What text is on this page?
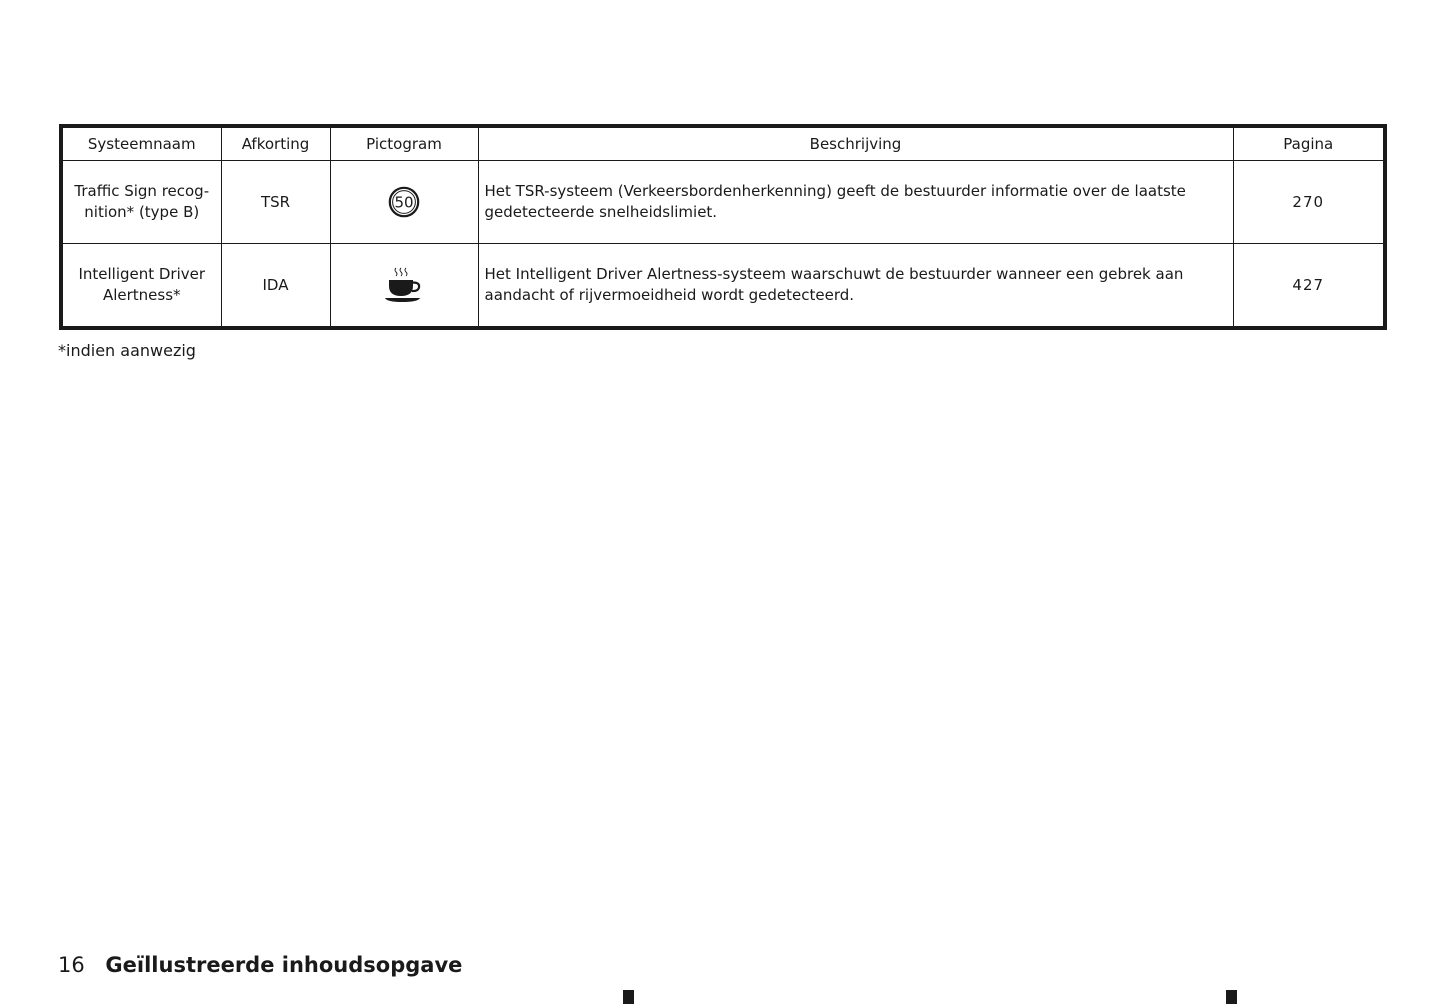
Systeemnaam	Afkorting	Pictogram	Beschrijving	Pagina
Traffic Sign recog-
nition* (type B)	TSR	50	Het TSR-systeem (Verkeersbordenherkenning) geeft de bestuurder informatie over de laatste gedetecteerde snelheidslimiet.	270
Intelligent Driver
Alertness*	IDA		Het Intelligent Driver Alertness-systeem waarschuwt de bestuurder wanneer een gebrek aan aandacht of rijvermoeidheid wordt gedetecteerd.	427
*indien aanwezig
16 Geïllustreerde inhoudsopgave
